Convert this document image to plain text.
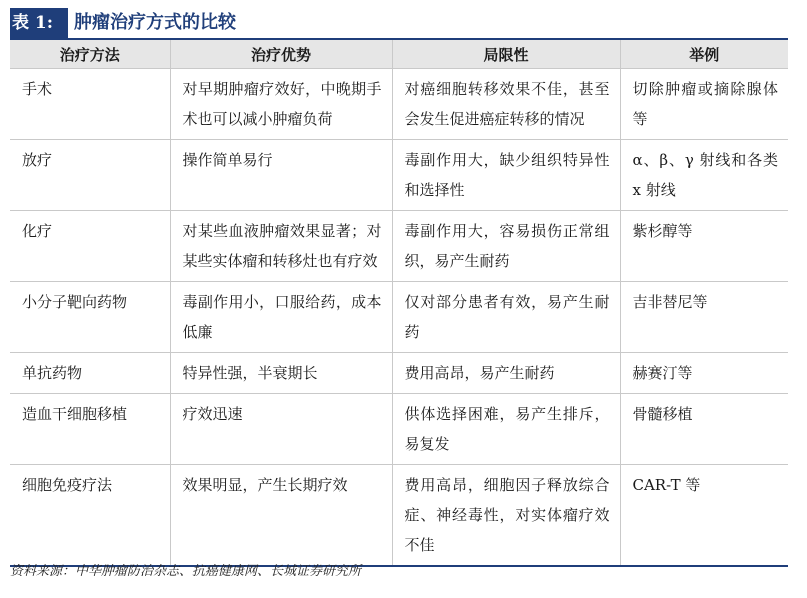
表 1:	肿瘤治疗方式的比较
治疗方法	治疗优势	局限性	举例
手术	对早期肿瘤疗效好，中晚期手术也可以减小肿瘤负荷	对癌细胞转移效果不佳，甚至会发生促进癌症转移的情况	切除肿瘤或摘除腺体等
放疗	操作简单易行	毒副作用大，缺少组织特异性和选择性	α、β、γ 射线和各类 x 射线
化疗	对某些血液肿瘤效果显著；对某些实体瘤和转移灶也有疗效	毒副作用大，容易损伤正常组织，易产生耐药	紫杉醇等
小分子靶向药物	毒副作用小，口服给药，成本低廉	仅对部分患者有效，易产生耐药	吉非替尼等
单抗药物	特异性强，半衰期长	费用高昂，易产生耐药	赫赛汀等
造血干细胞移植	疗效迅速	供体选择困难，易产生排斥，易复发	骨髓移植
细胞免疫疗法	效果明显，产生长期疗效	费用高昂，细胞因子释放综合症、神经毒性，对实体瘤疗效不佳	CAR-T 等
资料来源：中华肿瘤防治杂志、抗癌健康网、长城证券研究所
